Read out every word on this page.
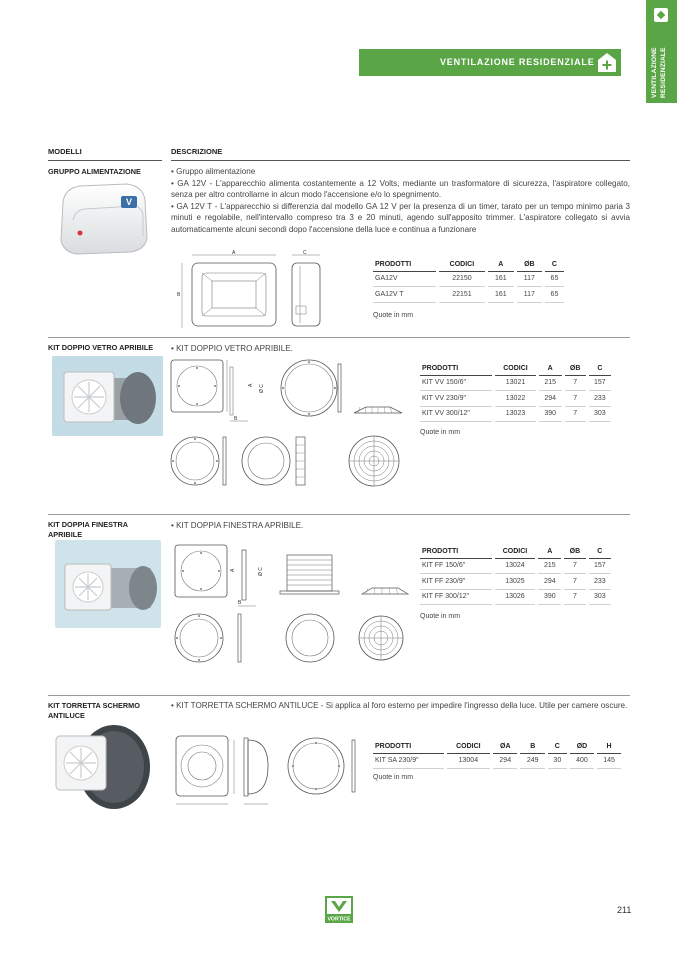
VENTILAZIONE RESIDENZIALE
VENTILAZIONE RESIDENZIALE
MODELLI	DESCRIZIONE
GRUPPO ALIMENTAZIONE
V

• Gruppo alimentazione

• GA 12V - L'apparecchio alimenta costantemente a 12 Volts, mediante un trasformatore di sicurezza, l'aspiratore collegato, senza per altro controllarne in alcun modo l'accensione e/o lo spegnimento.

• GA 12V T - L'apparecchio si differenzia dal modello GA 12 V per la presenza di un timer, tarato per un tempo minimo paria 3 minuti e regolabile, nell'intervallo compreso tra 3 e 20 minuti, agendo sull'apposito trimmer. L'aspiratore collegato si avvia automaticamente alcuni secondi dopo l'accensione della luce e continua a funzionare

A
B
C
PRODOTTI	CODICI	A	ØB	C
GA12V	22150	161	117	65
GA12V T	22151	161	117	65
Quote in mm
KIT DOPPIO VETRO APRIBILE	• KIT DOPPIO VETRO APRIBILE.

A Ø C
B
PRODOTTI	CODICI	A	ØB	C
KIT VV 150/6"	13021	215	7	157
KIT VV 230/9"	13022	294	7	233
KIT VV 300/12"	13023	390	7	303
Quote in mm
KIT DOPPIA FINESTRA APRIBILE

• KIT DOPPIA FINESTRA APRIBILE.

A	Ø C
B
PRODOTTI	CODICI	A	ØB	C
KIT FF 150/6"	13024	215	7	157
KIT FF 230/9"	13025	294	7	233
KIT FF 300/12"	13026	390	7	303
Quote in mm
KIT TORRETTA SCHERMO ANTILUCE

• KIT TORRETTA SCHERMO ANTILUCE - Si applica al foro esterno per impedire l'ingresso della luce. Utile per camere oscure.

PRODOTTI	CODICI	ØA	B	C	ØD	H
KIT SA 230/9"	13004	294	249	30	400	145
Quote in mm
VORTICE
211
